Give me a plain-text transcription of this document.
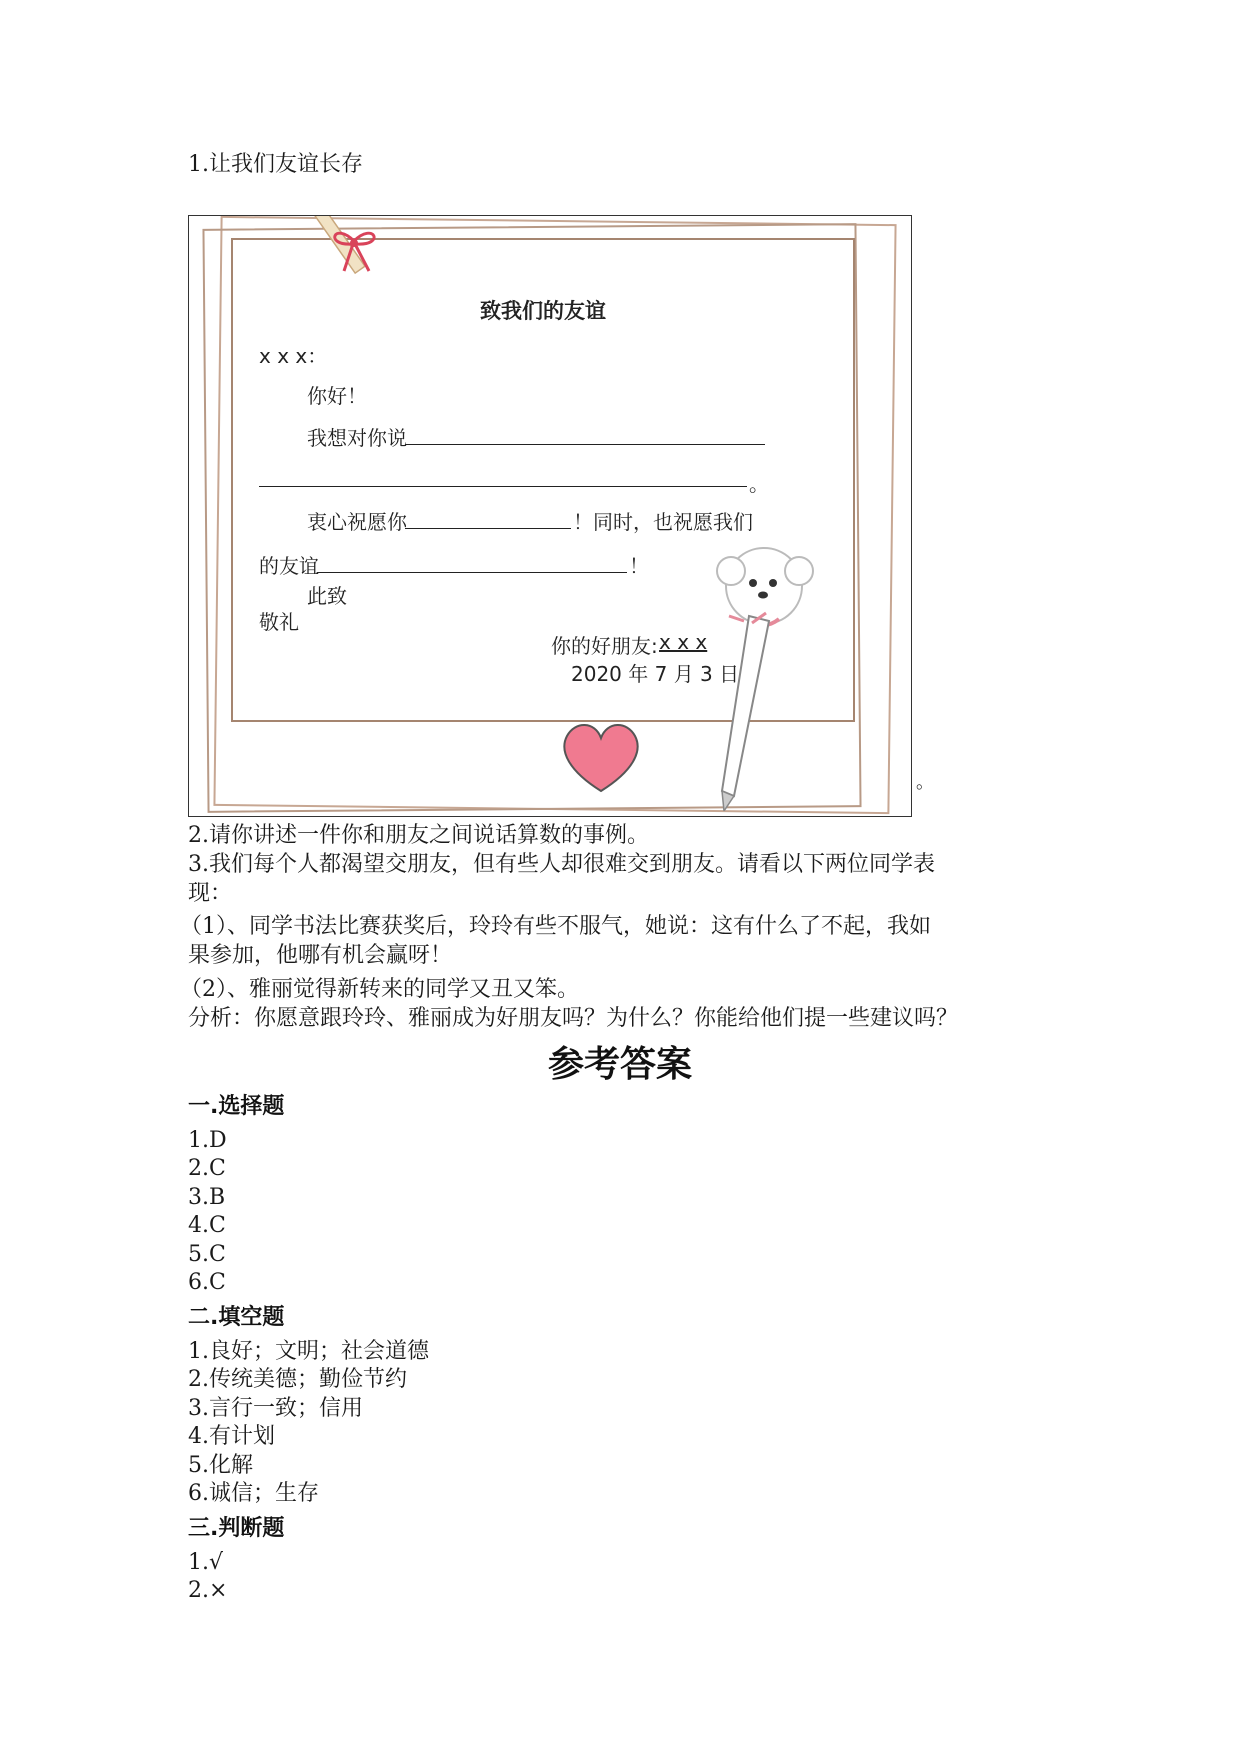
1.让我们友谊长存
致我们的友谊
x x x：
你好！
我想对你说
。
衷心祝愿你	！同时，也祝愿我们
的友谊	！
此致
敬礼
你的好朋友: x x x
2020 年 7 月 3 日
。
2.请你讲述一件你和朋友之间说话算数的事例。
3.我们每个人都渴望交朋友，但有些人却很难交到朋友。请看以下两位同学表
现：
（1）、同学书法比赛获奖后，玲玲有些不服气，她说：这有什么了不起，我如
果参加，他哪有机会赢呀！
（2）、雅丽觉得新转来的同学又丑又笨。
分析：你愿意跟玲玲、雅丽成为好朋友吗？为什么？你能给他们提一些建议吗？
参考答案
一.选择题
1.D
2.C
3.B
4.C
5.C
6.C
二.填空题
1.良好；文明；社会道德
2.传统美德；勤俭节约
3.言行一致；信用
4.有计划
5.化解
6.诚信；生存
三.判断题
1.√
2.×
